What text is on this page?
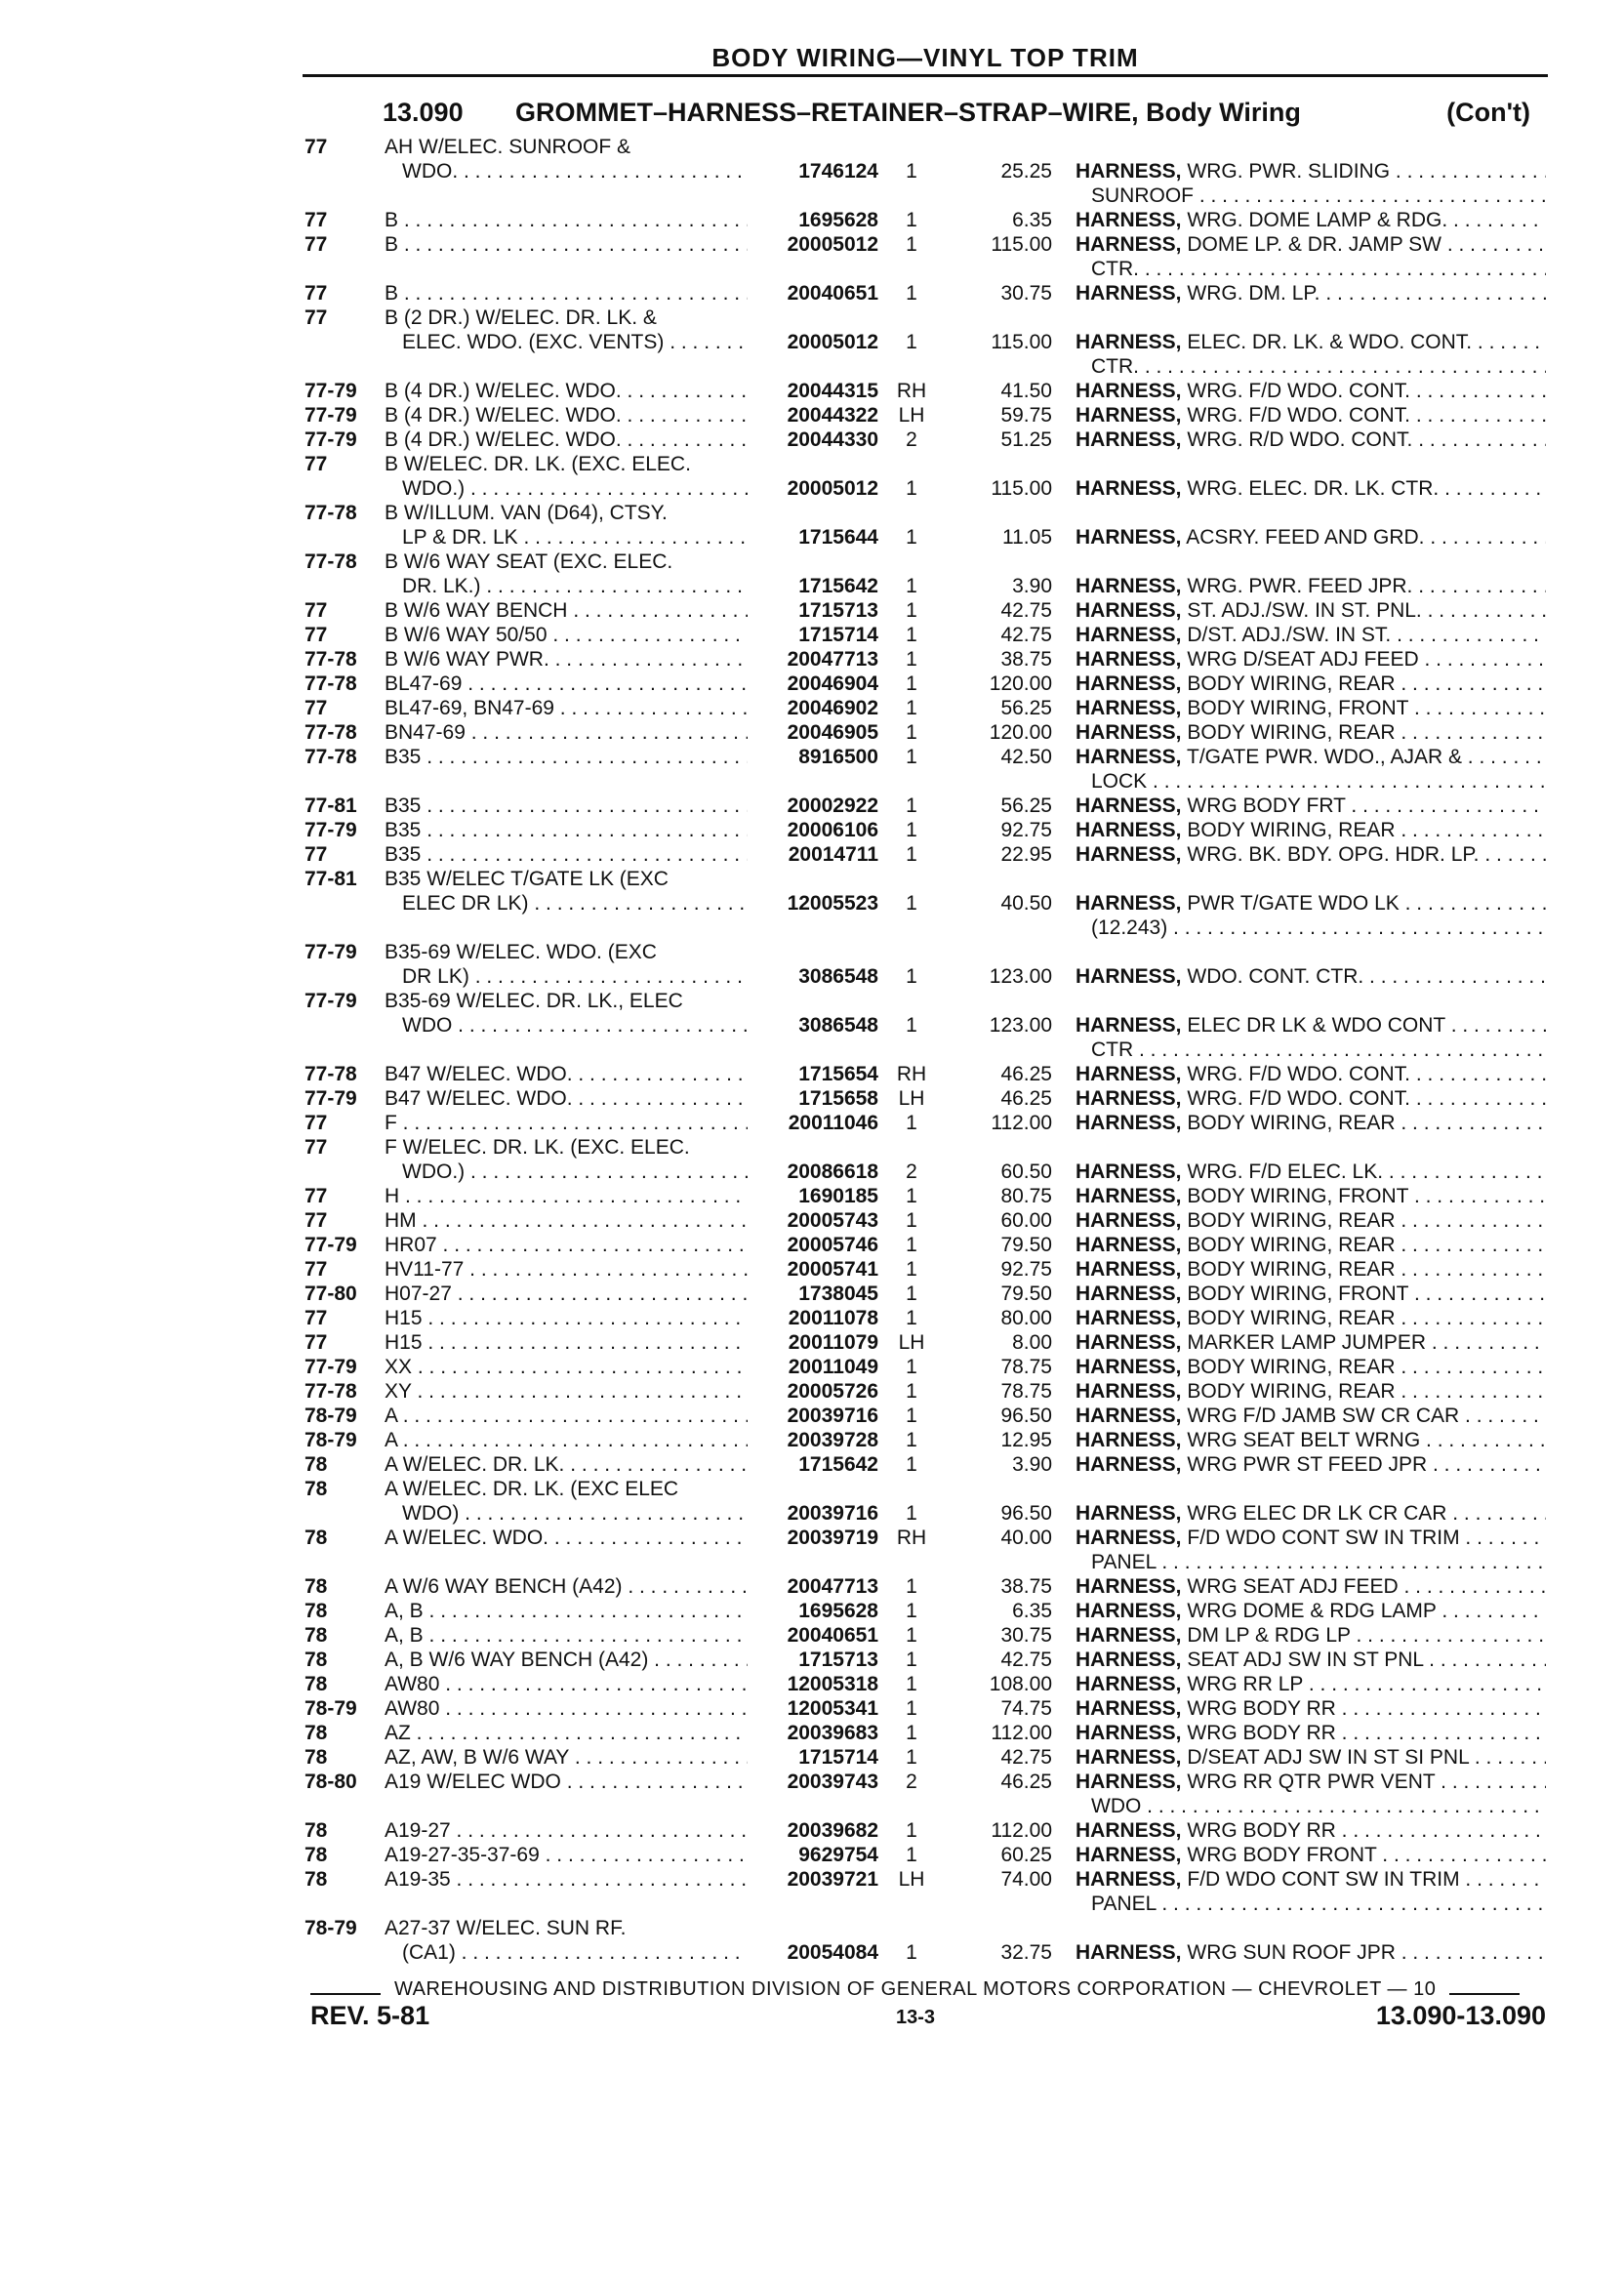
BODY WIRING—VINYL TOP TRIM
13.090 GROMMET–HARNESS–RETAINER–STRAP–WIRE, Body Wiring	(Con't)
77	AH W/ELEC. SUNROOF &
WDO. . . .	1746124	1	25.25 HARNESS, WRG. PWR. SLIDING . . .
SUNROOF . . .
77	B . . .	1695628	1	6.35 HARNESS, WRG. DOME LAMP & RDG. . . .
77	B . . .	20005012	1	115.00 HARNESS, DOME LP. & DR. JAMP SW . . .
CTR. . . .
77	B . . .	20040651	1	30.75 HARNESS, WRG. DM. LP. . . .
77	B (2 DR.) W/ELEC. DR. LK. &
ELEC. WDO. (EXC. VENTS) . . .	20005012	1	115.00 HARNESS, ELEC. DR. LK. & WDO. CONT. . . .
CTR. . . .
77-79	B (4 DR.) W/ELEC. WDO. . . .	20044315 RH	41.50 HARNESS, WRG. F/D WDO. CONT. . . .
77-79	B (4 DR.) W/ELEC. WDO. . . .	20044322 LH	59.75 HARNESS, WRG. F/D WDO. CONT. . . .
77-79	B (4 DR.) W/ELEC. WDO. . . .	20044330	2	51.25 HARNESS, WRG. R/D WDO. CONT. . . .
77	B W/ELEC. DR. LK. (EXC. ELEC.
WDO.) . . .	20005012	1	115.00 HARNESS, WRG. ELEC. DR. LK. CTR. . . .
77-78	B W/ILLUM. VAN (D64), CTSY.
LP & DR. LK . . .	1715644	1	11.05 HARNESS, ACSRY. FEED AND GRD. . . .
77-78	B W/6 WAY SEAT (EXC. ELEC.
DR. LK.) . . .	1715642	1	3.90 HARNESS, WRG. PWR. FEED JPR. . . .
77	B W/6 WAY BENCH . . .	1715713	1	42.75 HARNESS, ST. ADJ./SW. IN ST. PNL. . . .
77	B W/6 WAY 50/50 . . .	1715714	1	42.75 HARNESS, D/ST. ADJ./SW. IN ST. . . .
77-78	B W/6 WAY PWR. . . .	20047713	1	38.75 HARNESS, WRG D/SEAT ADJ FEED . . .
77-78	BL47-69 . . .	20046904	1	120.00 HARNESS, BODY WIRING, REAR . . .
77	BL47-69, BN47-69 . . .	20046902	1	56.25 HARNESS, BODY WIRING, FRONT . . .
77-78	BN47-69 . . .	20046905	1	120.00 HARNESS, BODY WIRING, REAR . . .
77-78	B35 . . .	8916500	1	42.50 HARNESS, T/GATE PWR. WDO., AJAR & . . .
LOCK . . .
77-81	B35 . . .	20002922	1	56.25 HARNESS, WRG BODY FRT . . .
77-79	B35 . . .	20006106	1	92.75 HARNESS, BODY WIRING, REAR . . .
77	B35 . . .	20014711	1	22.95 HARNESS, WRG. BK. BDY. OPG. HDR. LP. . . .
77-81	B35 W/ELEC T/GATE LK (EXC
ELEC DR LK) . . .	12005523	1	40.50 HARNESS, PWR T/GATE WDO LK . . .
(12.243) . . .
77-79	B35-69 W/ELEC. WDO. (EXC
DR LK) . . .	3086548	1	123.00 HARNESS, WDO. CONT. CTR. . . .
77-79	B35-69 W/ELEC. DR. LK., ELEC
WDO . . .	3086548	1	123.00 HARNESS, ELEC DR LK & WDO CONT . . .
CTR . . .
77-78	B47 W/ELEC. WDO. . . .	1715654 RH	46.25 HARNESS, WRG. F/D WDO. CONT. . . .
77-79	B47 W/ELEC. WDO. . . .	1715658 LH	46.25 HARNESS, WRG. F/D WDO. CONT. . . .
77	F . . .	20011046	1	112.00 HARNESS, BODY WIRING, REAR . . .
77	F W/ELEC. DR. LK. (EXC. ELEC.
WDO.) . . .	20086618	2	60.50 HARNESS, WRG. F/D ELEC. LK. . . .
77	H . . .	1690185	1	80.75 HARNESS, BODY WIRING, FRONT . . .
77	HM . . .	20005743	1	60.00 HARNESS, BODY WIRING, REAR . . .
77-79	HR07 . . .	20005746	1	79.50 HARNESS, BODY WIRING, REAR . . .
77	HV11-77 . . .	20005741	1	92.75 HARNESS, BODY WIRING, REAR . . .
77-80	H07-27 . . .	1738045	1	79.50 HARNESS, BODY WIRING, FRONT . . .
77	H15 . . .	20011078	1	80.00 HARNESS, BODY WIRING, REAR . . .
77	H15 . . .	20011079 LH	8.00 HARNESS, MARKER LAMP JUMPER . . .
77-79	XX . . .	20011049	1	78.75 HARNESS, BODY WIRING, REAR . . .
77-78	XY . . .	20005726	1	78.75 HARNESS, BODY WIRING, REAR . . .
78-79	A . . .	20039716	1	96.50 HARNESS, WRG F/D JAMB SW CR CAR . . .
78-79	A . . .	20039728	1	12.95 HARNESS, WRG SEAT BELT WRNG . . .
78	A W/ELEC. DR. LK. . . .	1715642	1	3.90 HARNESS, WRG PWR ST FEED JPR . . .
78	A W/ELEC. DR. LK. (EXC ELEC
WDO) . . .	20039716	1	96.50 HARNESS, WRG ELEC DR LK CR CAR . . .
78	A W/ELEC. WDO. . . .	20039719 RH	40.00 HARNESS, F/D WDO CONT SW IN TRIM . . .
PANEL . . .
78	A W/6 WAY BENCH (A42) . . .	20047713	1	38.75 HARNESS, WRG SEAT ADJ FEED . . .
78	A, B . . .	1695628	1	6.35 HARNESS, WRG DOME & RDG LAMP . . .
78	A, B . . .	20040651	1	30.75 HARNESS, DM LP & RDG LP . . .
78	A, B W/6 WAY BENCH (A42) . . .	1715713	1	42.75 HARNESS, SEAT ADJ SW IN ST PNL . . .
78	AW80 . . .	12005318	1	108.00 HARNESS, WRG RR LP . . .
78-79	AW80 . . .	12005341	1	74.75 HARNESS, WRG BODY RR . . .
78	AZ . . .	20039683	1	112.00 HARNESS, WRG BODY RR . . .
78	AZ, AW, B W/6 WAY . . .	1715714	1	42.75 HARNESS, D/SEAT ADJ SW IN ST SI PNL . . .
78-80	A19 W/ELEC WDO . . .	20039743	2	46.25 HARNESS, WRG RR QTR PWR VENT . . .
WDO . . .
78	A19-27 . . .	20039682	1	112.00 HARNESS, WRG BODY RR . . .
78	A19-27-35-37-69 . . .	9629754	1	60.25 HARNESS, WRG BODY FRONT . . .
78	A19-35 . . .	20039721 LH	74.00 HARNESS, F/D WDO CONT SW IN TRIM . . .
PANEL . . .
78-79	A27-37 W/ELEC. SUN RF.
(CA1) . . .	20054084	1	32.75 HARNESS, WRG SUN ROOF JPR . . .
WAREHOUSING AND DISTRIBUTION DIVISION OF GENERAL MOTORS CORPORATION — CHEVROLET — 10
REV. 5-81	13-3	13.090-13.090
